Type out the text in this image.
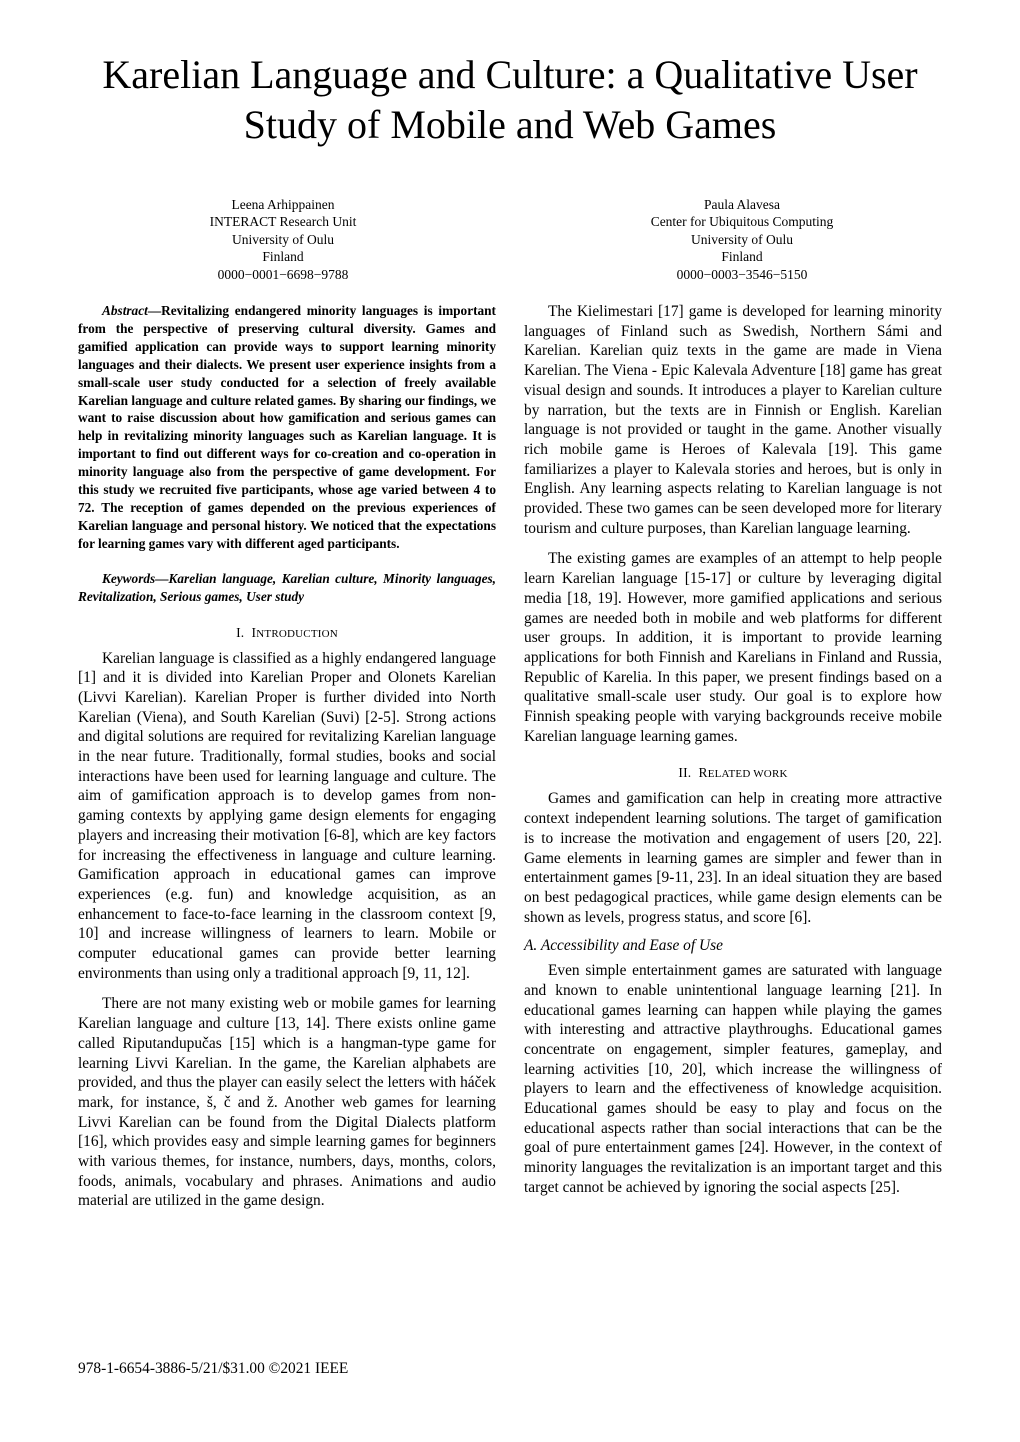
Karelian Language and Culture: a Qualitative User
Study of Mobile and Web Games
Leena Arhippainen
INTERACT Research Unit
University of Oulu
Finland
0000−0001−6698−9788
Paula Alavesa
Center for Ubiquitous Computing
University of Oulu
Finland
0000−0003−3546−5150

Abstract—Revitalizing endangered minority languages is important from the perspective of preserving cultural diversity. Games and gamified application can provide ways to support learning minority languages and their dialects. We present user experience insights from a small-scale user study conducted for a selection of freely available Karelian language and culture related games. By sharing our findings, we want to raise discussion about how gamification and serious games can help in revitalizing minority languages such as Karelian language. It is important to find out different ways for co-creation and co-operation in minority language also from the perspective of game development. For this study we recruited five participants, whose age varied between 4 to 72. The reception of games depended on the previous experiences of Karelian language and personal history. We noticed that the expectations for learning games vary with different aged participants.

Keywords—Karelian language, Karelian culture, Minority languages, Revitalization, Serious games, User study

I. INTRODUCTION

Karelian language is classified as a highly endangered language [1] and it is divided into Karelian Proper and Olonets Karelian (Livvi Karelian). Karelian Proper is further divided into North Karelian (Viena), and South Karelian (Suvi) [2-5]. Strong actions and digital solutions are required for revitalizing Karelian language in the near future. Traditionally, formal studies, books and social interactions have been used for learning language and culture. The aim of gamification approach is to develop games from non-gaming contexts by applying game design elements for engaging players and increasing their motivation [6-8], which are key factors for increasing the effectiveness in language and culture learning. Gamification approach in educational games can improve experiences (e.g. fun) and knowledge acquisition, as an enhancement to face-to-face learning in the classroom context [9, 10] and increase willingness of learners to learn. Mobile or computer educational games can provide better learning environments than using only a traditional approach [9, 11, 12].

There are not many existing web or mobile games for learning Karelian language and culture [13, 14]. There exists online game called Riputandupučas [15] which is a hangman-type game for learning Livvi Karelian. In the game, the Karelian alphabets are provided, and thus the player can easily select the letters with háček mark, for instance, š, č and ž. Another web games for learning Livvi Karelian can be found from the Digital Dialects platform [16], which provides easy and simple learning games for beginners with various themes, for instance, numbers, days, months, colors, foods, animals, vocabulary and phrases. Animations and audio material are utilized in the game design.

The Kielimestari [17] game is developed for learning minority languages of Finland such as Swedish, Northern Sámi and Karelian. Karelian quiz texts in the game are made in Viena Karelian. The Viena - Epic Kalevala Adventure [18] game has great visual design and sounds. It introduces a player to Karelian culture by narration, but the texts are in Finnish or English. Karelian language is not provided or taught in the game. Another visually rich mobile game is Heroes of Kalevala [19]. This game familiarizes a player to Kalevala stories and heroes, but is only in English. Any learning aspects relating to Karelian language is not provided. These two games can be seen developed more for literary tourism and culture purposes, than Karelian language learning.

The existing games are examples of an attempt to help people learn Karelian language [15-17] or culture by leveraging digital media [18, 19]. However, more gamified applications and serious games are needed both in mobile and web platforms for different user groups. In addition, it is important to provide learning applications for both Finnish and Karelians in Finland and Russia, Republic of Karelia. In this paper, we present findings based on a qualitative small-scale user study. Our goal is to explore how Finnish speaking people with varying backgrounds receive mobile Karelian language learning games.

II. RELATED WORK

Games and gamification can help in creating more attractive context independent learning solutions. The target of gamification is to increase the motivation and engagement of users [20, 22]. Game elements in learning games are simpler and fewer than in entertainment games [9-11, 23]. In an ideal situation they are based on best pedagogical practices, while game design elements can be shown as levels, progress status, and score [6].

A. Accessibility and Ease of Use

Even simple entertainment games are saturated with language and known to enable unintentional language learning [21]. In educational games learning can happen while playing the games with interesting and attractive playthroughs. Educational games concentrate on engagement, simpler features, gameplay, and learning activities [10, 20], which increase the willingness of players to learn and the effectiveness of knowledge acquisition. Educational games should be easy to play and focus on the educational aspects rather than social interactions that can be the goal of pure entertainment games [24]. However, in the context of minority languages the revitalization is an important target and this target cannot be achieved by ignoring the social aspects [25].

978-1-6654-3886-5/21/$31.00 ©2021 IEEE
